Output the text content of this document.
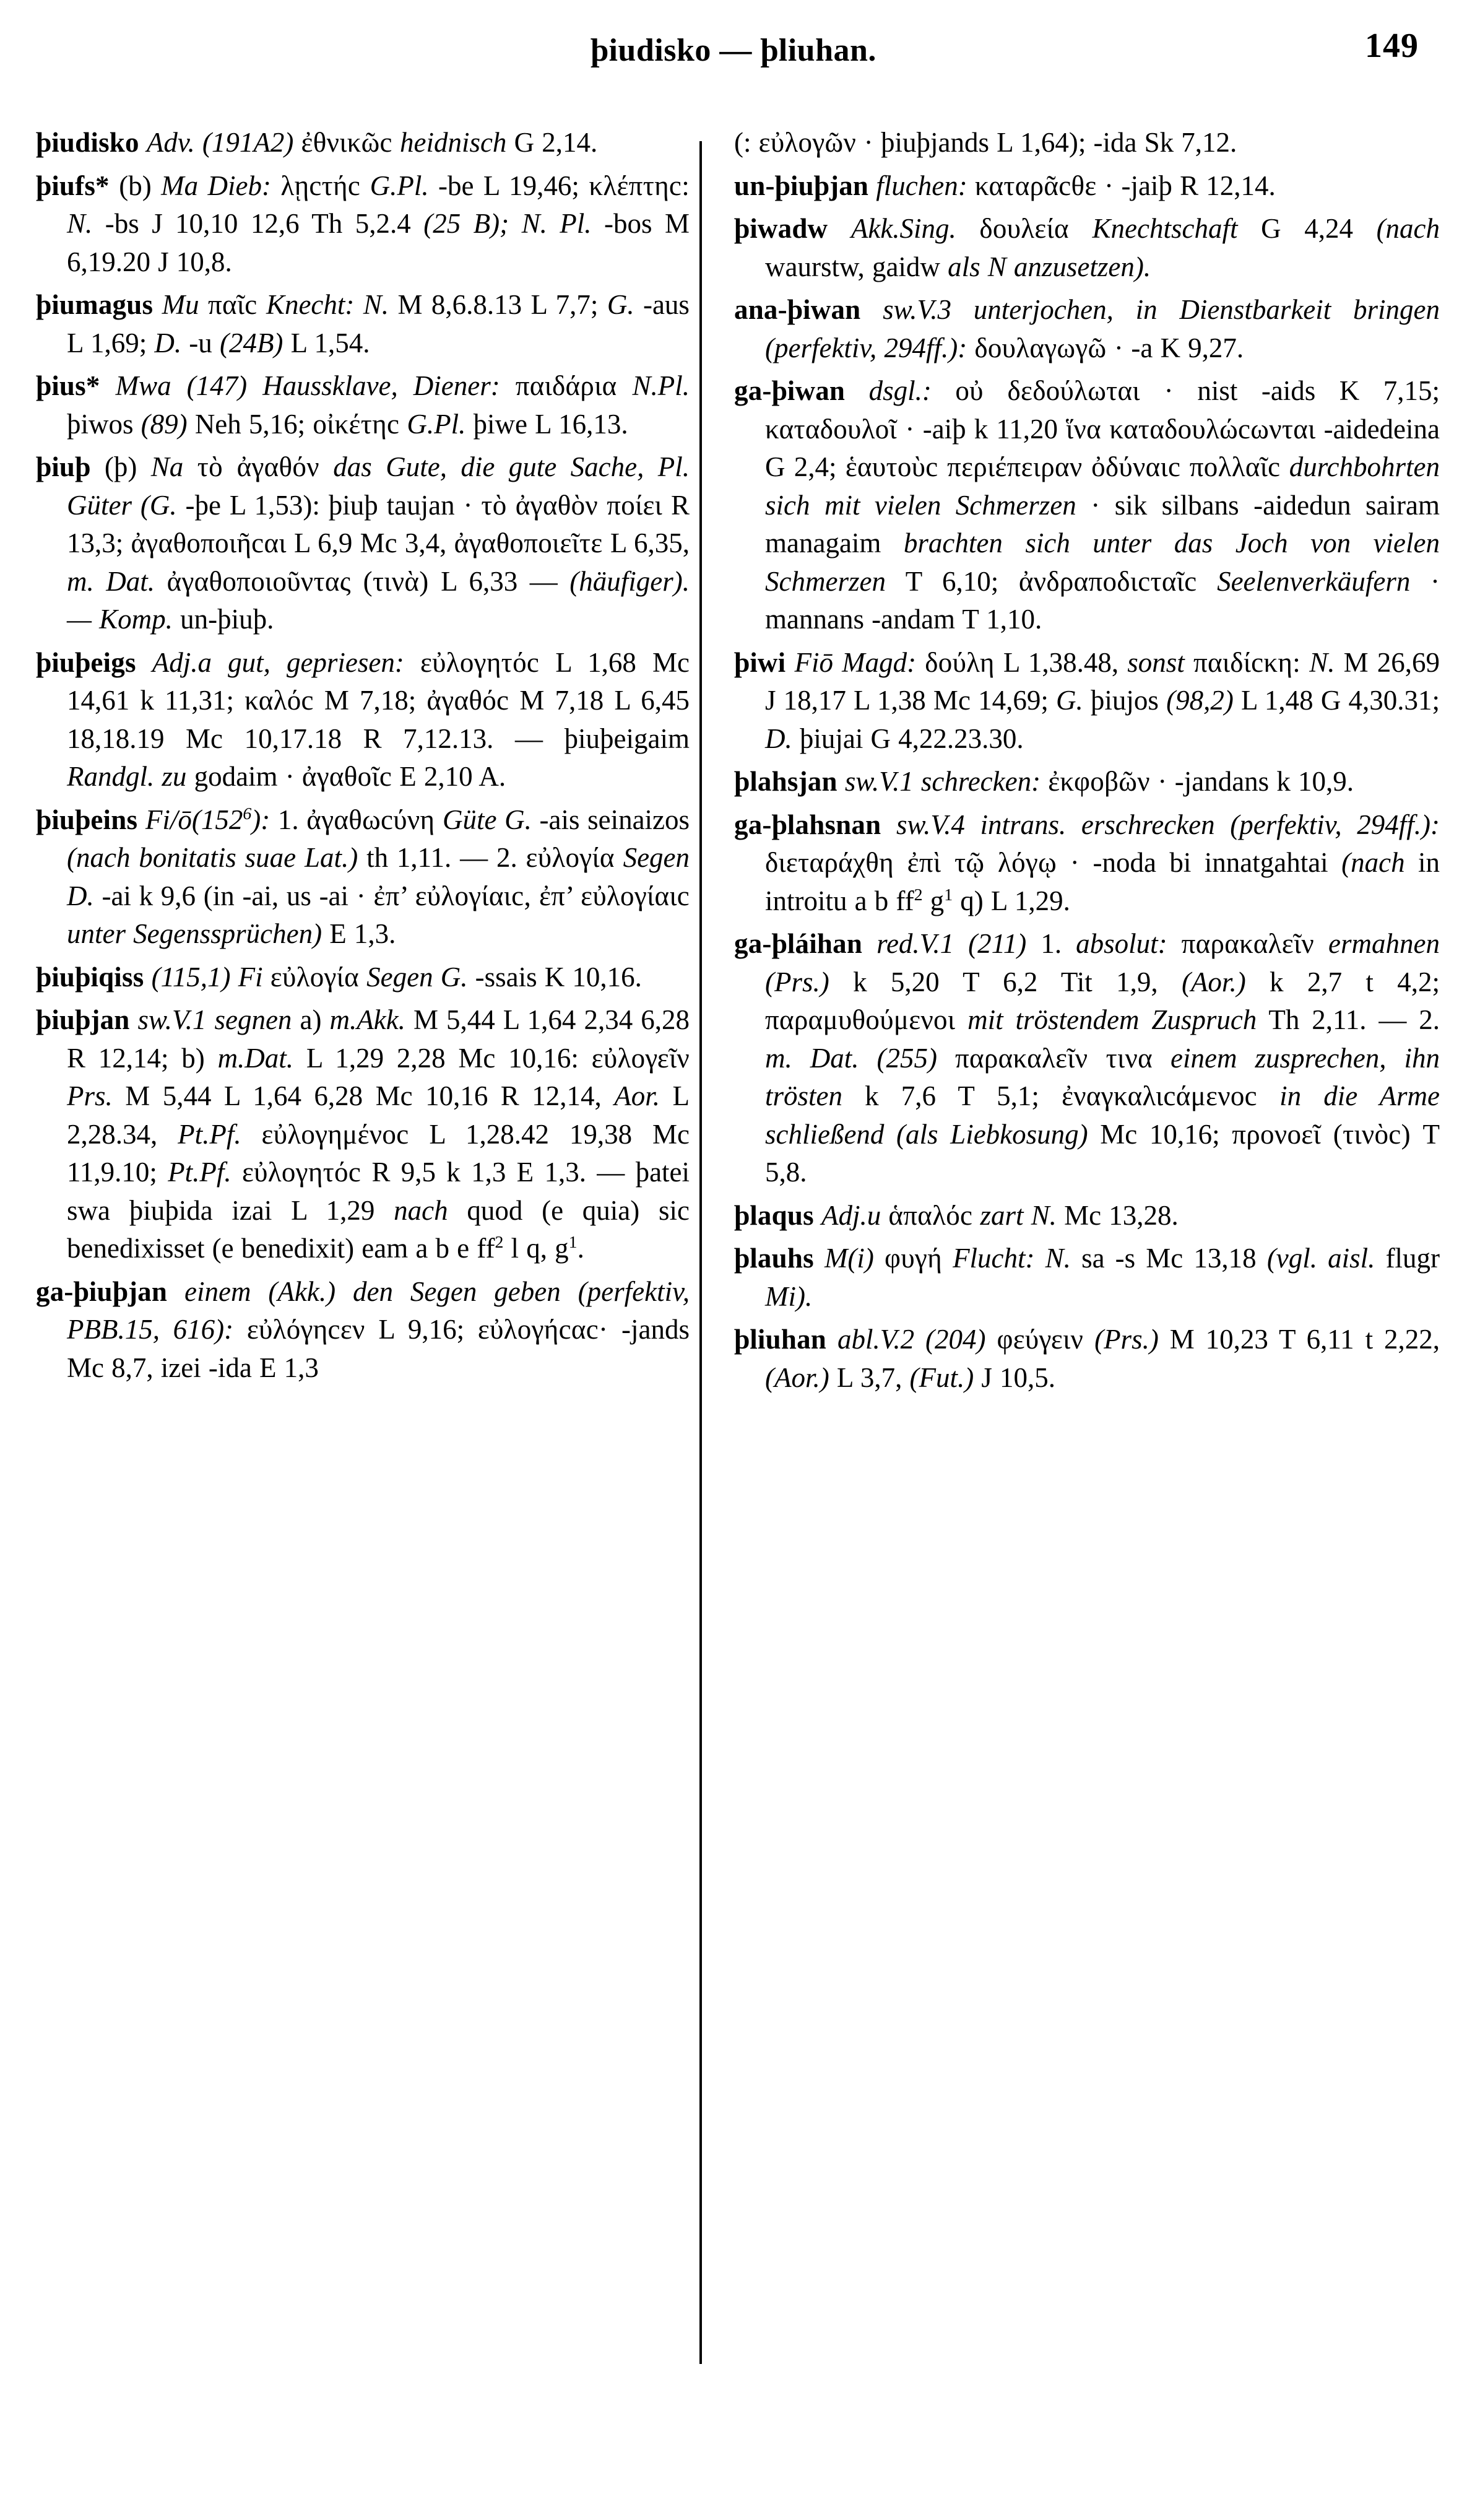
þiudisko — þliuhan.	149

þiudisko Adv. (191A2) ἐθνικῶc heidnisch G 2,14.

þiufs* (b) Ma Dieb: λῃcτήc G.Pl. -be L 19,46; κλέπτηc: N. -bs J 10,10 12,6 Th 5,2.4 (25 B); N. Pl. -bos M 6,19.20 J 10,8.

þiumagus Mu παῖc Knecht: N. M 8,6.8.13 L 7,7; G. -aus L 1,69; D. -u (24B) L 1,54.

þius* Mwa (147) Haussklave, Diener: παιδάρια N.Pl. þiwos (89) Neh 5,16; οἰκέτηc G.Pl. þiwe L 16,13.

þiuþ (þ) Na τὸ ἀγαθόν das Gute, die gute Sache, Pl. Güter (G. -þe L 1,53): þiuþ taujan · τὸ ἀγαθὸν ποίει R 13,3; ἀγαθοποιῆcαι L 6,9 Mc 3,4, ἀγαθοποιεῖτε L 6,35, m. Dat. ἀγαθοποιοῦντας (τινὰ) L 6,33 — (häufiger). — Komp. un-þiuþ.

þiuþeigs Adj.a gut, gepriesen: εὐλογητόc L 1,68 Mc 14,61 k 11,31; καλόc M 7,18; ἀγαθόc M 7,18 L 6,45 18,18.19 Mc 10,17.18 R 7,12.13. — þiuþeigaim Randgl. zu godaim · ἀγαθοῖc E 2,10 A.

þiuþeins $Fi/ō(152^6)$: 1. ἀγαθωcύνη Güte G. -ais seinaizos (nach bonitatis suae Lat.) th 1,11. — 2. εὐλογία Segen D. -ai k 9,6 (in -ai, us -ai · ἐπ’ εὐλογίαιc, ἐπ’ εὐλογίαιc unter Segenssprüchen) E 1,3.

þiuþiqiss (115,1) Fi εὐλογία Segen G. -ssais K 10,16.

þiuþjan sw.V.1 segnen a) m.Akk. M 5,44 L 1,64 2,34 6,28 R 12,14; b) m.Dat. L 1,29 2,28 Mc 10,16: εὐλογεῖν Prs. M 5,44 L 1,64 6,28 Mc 10,16 R 12,14, Aor. L 2,28.34, Pt.Pf. εὐλογημένοc L 1,28.42 19,38 Mc 11,9.10; Pt.Pf. εὐλογητόc R 9,5 k 1,3 E 1,3. — þatei swa þiuþida izai L 1,29 nach quod (e quia) sic benedixisset (e benedixit) eam a b e $ff^2$ l q, $g^1$.

ga-þiuþjan einem (Akk.) den Segen geben (perfektiv, PBB.15, 616): εὐλόγηcεν L 9,16; εὐλογήcαc· -jands Mc 8,7, izei -ida E 1,3

(: εὐλογῶν · þiuþjands L 1,64); -ida Sk 7,12.

un-þiuþjan fluchen: καταρᾶcθε · -jaiþ R 12,14.

þiwadw Akk.Sing. δουλεία Knechtschaft G 4,24 (nach waurstw, gaidw als N anzusetzen).

ana-þiwan sw.V.3 unterjochen, in Dienstbarkeit bringen (perfektiv, 294ff.): δουλαγωγῶ · -a K 9,27.

ga-þiwan dsgl.: οὐ δεδούλωται · nist -aids K 7,15; καταδουλοῖ · -aiþ k 11,20 ἵνα καταδουλώcωνται -aidedeina G 2,4; ἑαυτοὺc περιέπειραν ὀδύναιc πολλαῖc durchbohrten sich mit vielen Schmerzen · sik silbans -aidedun sairam managaim brachten sich unter das Joch von vielen Schmerzen T 6,10; ἀνδραποδιcταῖc Seelenverkäufern · mannans -andam T 1,10.

þiwi Fiō Magd: δούλη L 1,38.48, sonst παιδίcκη: N. M 26,69 J 18,17 L 1,38 Mc 14,69; G. þiujos (98,2) L 1,48 G 4,30.31; D. þiujai G 4,22.23.30.

þlahsjan sw.V.1 schrecken: ἐκφοβῶν · -jandans k 10,9.

ga-þlahsnan sw.V.4 intrans. erschrecken (perfektiv, 294ff.): διεταράχθη ἐπὶ τῷ λόγῳ · -noda bi innatgahtai (nach in introitu a b $ff^2$ $g^1$ q) L 1,29.

ga-þláihan red.V.1 (211) 1. absolut: παρακαλεῖν ermahnen (Prs.) k 5,20 T 6,2 Tit 1,9, (Aor.) k 2,7 t 4,2; παραμυθούμενοι mit tröstendem Zuspruch Th 2,11. — 2. m. Dat. (255) παρακαλεῖν τινα einem zusprechen, ihn trösten k 7,6 T 5,1; ἐναγκαλιcάμενοc in die Arme schließend (als Liebkosung) Mc 10,16; προνοεῖ (τινὸc) T 5,8.

þlaqus Adj.u ἁπαλόc zart N. Mc 13,28.

þlauhs M(i) φυγή Flucht: N. sa -s Mc 13,18 (vgl. aisl. flugr Mi).

þliuhan abl.V.2 (204) φεύγειν (Prs.) M 10,23 T 6,11 t 2,22, (Aor.) L 3,7, (Fut.) J 10,5.
